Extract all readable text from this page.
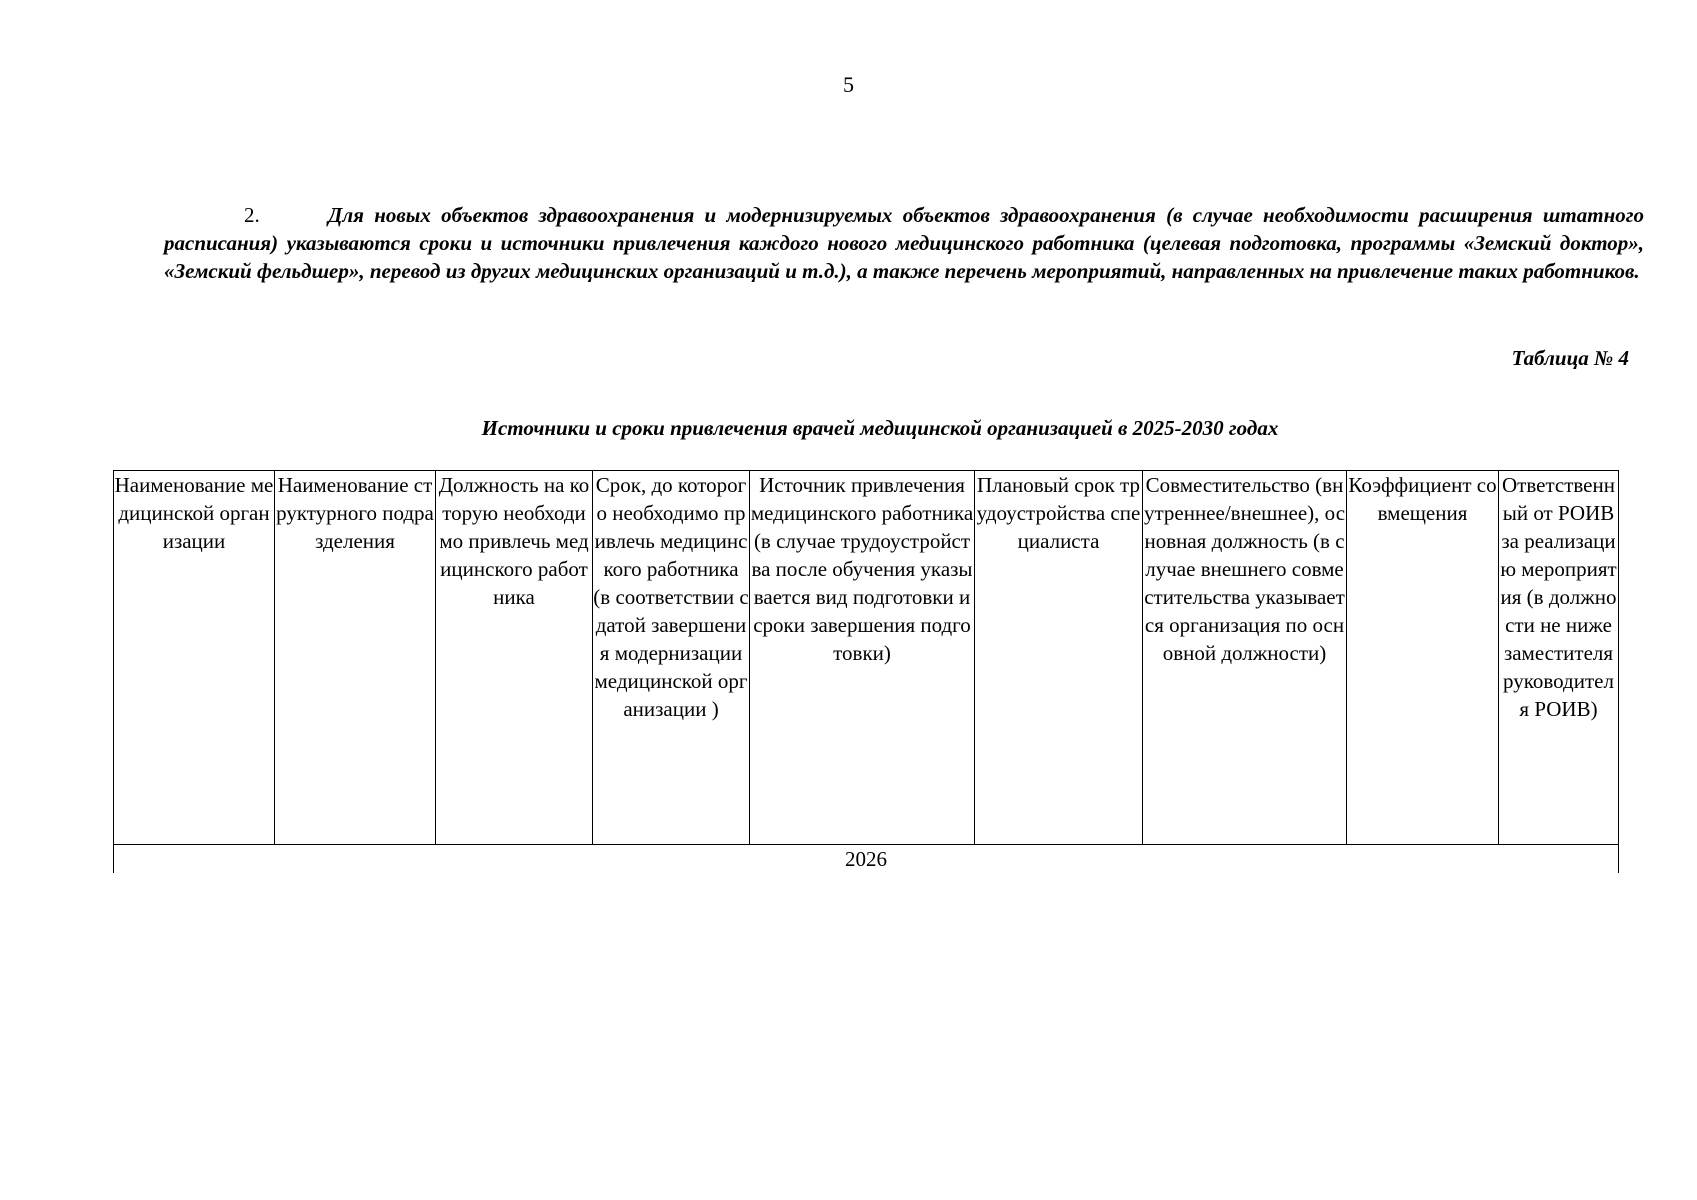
5

2.	Для новых объектов здравоохранения и модернизируемых объектов здравоохранения (в случае необходимости расширения штатного расписания) указываются сроки и источники привлечения каждого нового медицинского работника (целевая подготовка, программы «Земский доктор», «Земский фельдшер», перевод из других медицинских организаций и т.д.), а также перечень мероприятий, направленных на привлечение таких работников.

Таблица № 4
Источники и сроки привлечения врачей медицинской организацией в 2025-2030 годах
Наименование медицинской организации	Наименование структурного подразделения	Должность на которую необходимо привлечь медицинского работника	Срок, до которого необходимо привлечь медицинского работника (в соответствии с датой завершения модернизации медицинской организации )	Источник привлечения медицинского работника (в случае трудоустройства после обучения указывается вид подготовки и сроки завершения подготовки)	Плановый срок трудоустройства специалиста	Совместительство (внутреннее/внешнее), основная должность (в случае внешнего совместительства указывается организация по основной должности)	Коэффициент совмещения	Ответственный от РОИВ за реализацию мероприятия (в должности не ниже заместителя руководителя РОИВ)
2026
